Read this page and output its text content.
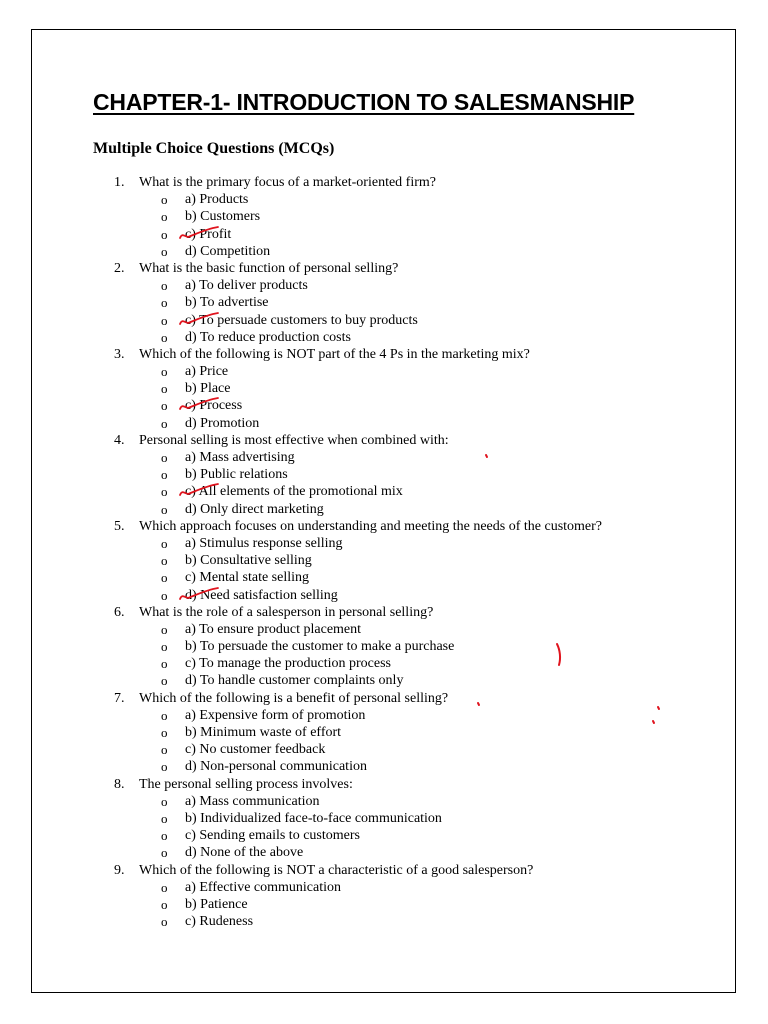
CHAPTER-1- INTRODUCTION TO SALESMANSHIP
Multiple Choice Questions (MCQs)
1.	What is the primary focus of a market-oriented firm?
o a) Products
o b) Customers
o c) Profit
o d) Competition
2.	What is the basic function of personal selling?
o a) To deliver products
o b) To advertise
o c) To persuade customers to buy products
o d) To reduce production costs
3.	Which of the following is NOT part of the 4 Ps in the marketing mix?
o a) Price
o b) Place
o c) Process
o d) Promotion
4.	Personal selling is most effective when combined with:
o a) Mass advertising
o b) Public relations
o c) All elements of the promotional mix
o d) Only direct marketing
5.	Which approach focuses on understanding and meeting the needs of the customer?
o a) Stimulus response selling
o b) Consultative selling
o c) Mental state selling
o d) Need satisfaction selling
6.	What is the role of a salesperson in personal selling?
o a) To ensure product placement
o b) To persuade the customer to make a purchase
o c) To manage the production process
o d) To handle customer complaints only
7.	Which of the following is a benefit of personal selling?
o a) Expensive form of promotion
o b) Minimum waste of effort
o c) No customer feedback
o d) Non-personal communication
8.	The personal selling process involves:
o a) Mass communication
o b) Individualized face-to-face communication
o c) Sending emails to customers
o d) None of the above
9.	Which of the following is NOT a characteristic of a good salesperson?
o a) Effective communication
o b) Patience
o c) Rudeness
